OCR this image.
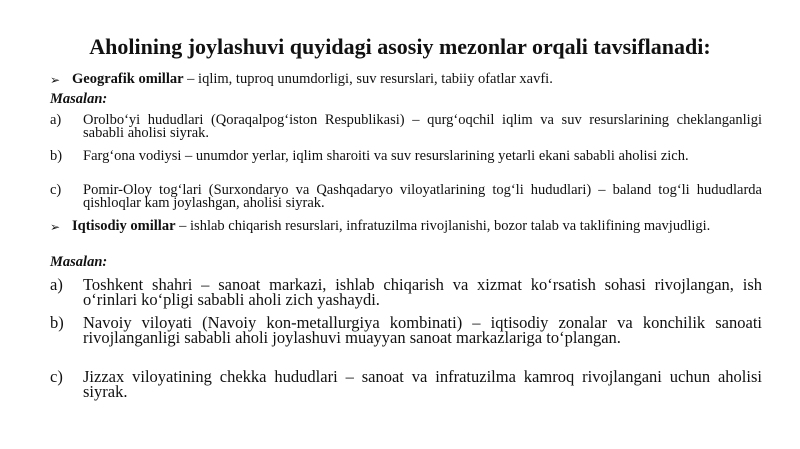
Aholining joylashuvi quyidagi asosiy mezonlar orqali tavsiflanadi:
➢ Geografik omillar – iqlim, tuproq unumdorligi, suv resurslari, tabiiy ofatlar xavfi.
Masalan:
a)	Orolbo‘yi hududlari (Qoraqalpog‘iston Respublikasi) – qurg‘oqchil iqlim va suv resurslarining cheklanganligi sababli aholisi siyrak.
b)	Farg‘ona vodiysi – unumdor yerlar, iqlim sharoiti va suv resurslarining yetarli ekani sababli aholisi zich.
c)	Pomir-Oloy tog‘lari (Surxondaryo va Qashqadaryo viloyatlarining tog‘li hududlari) – baland tog‘li hududlarda qishloqlar kam joylashgan, aholisi siyrak.
➢ Iqtisodiy omillar – ishlab chiqarish resurslari, infratuzilma rivojlanishi, bozor talab va taklifining mavjudligi.
Masalan:
a)	Toshkent shahri – sanoat markazi, ishlab chiqarish va xizmat ko‘rsatish sohasi rivojlangan, ish o‘rinlari ko‘pligi sababli aholi zich yashaydi.
b)	Navoiy viloyati (Navoiy kon-metallurgiya kombinati) – iqtisodiy zonalar va konchilik sanoati rivojlanganligi sababli aholi joylashuvi muayyan sanoat markazlariga to‘plangan.
c)	Jizzax viloyatining chekka hududlari – sanoat va infratuzilma kamroq rivojlangani uchun aholisi siyrak.
